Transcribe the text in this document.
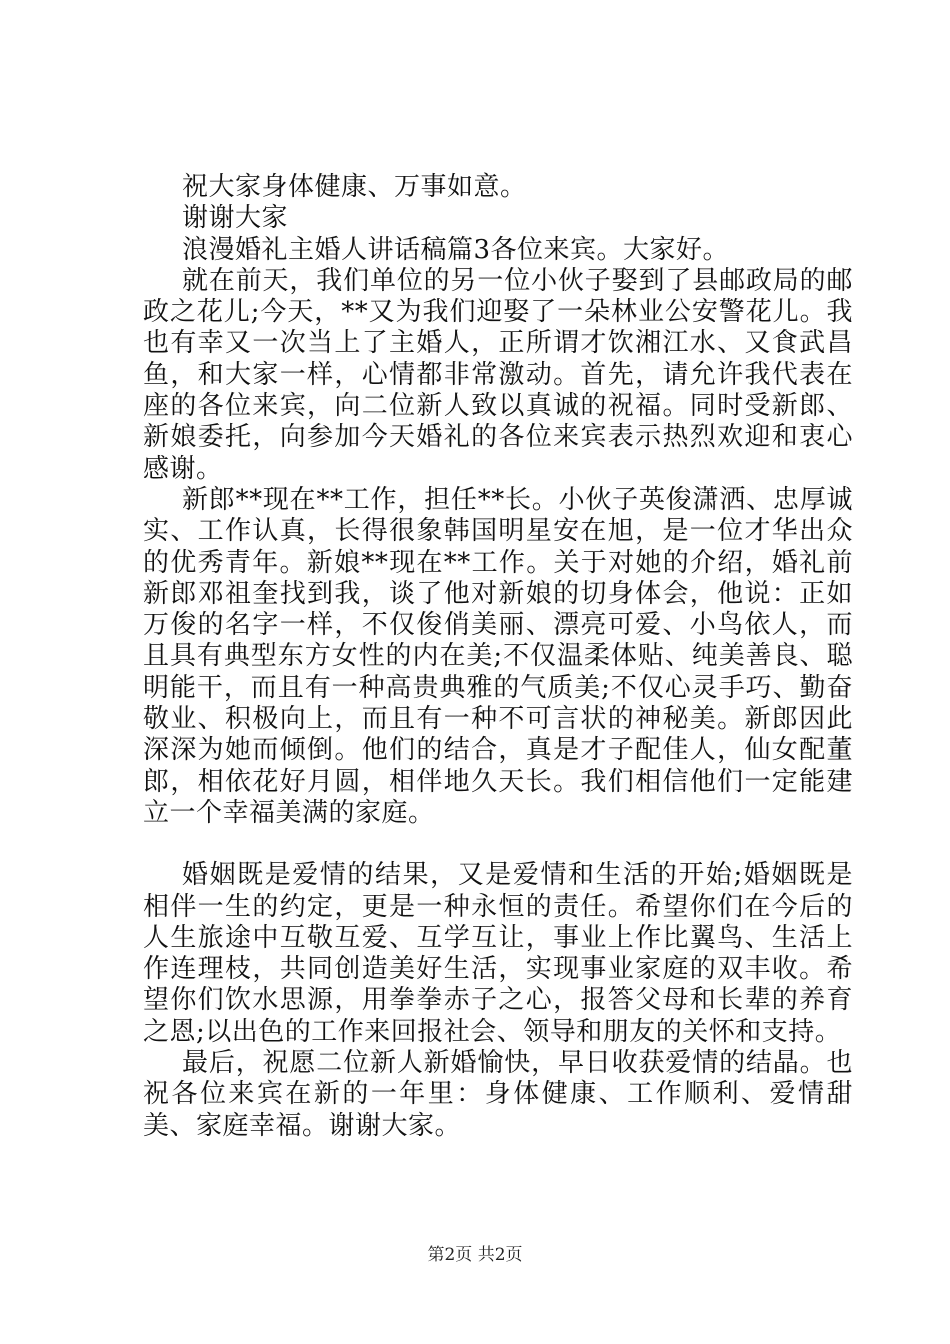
祝大家身体健康、万事如意。

谢谢大家

浪漫婚礼主婚人讲话稿篇3各位来宾。大家好。

就在前天，我们单位的另一位小伙子娶到了县邮政局的邮政之花儿;今天，**又为我们迎娶了一朵林业公安警花儿。我也有幸又一次当上了主婚人，正所谓才饮湘江水、又食武昌鱼，和大家一样，心情都非常激动。首先，请允许我代表在座的各位来宾，向二位新人致以真诚的祝福。同时受新郎、新娘委托，向参加今天婚礼的各位来宾表示热烈欢迎和衷心感谢。

新郎**现在**工作，担任**长。小伙子英俊潇洒、忠厚诚实、工作认真，长得很象韩国明星安在旭，是一位才华出众的优秀青年。新娘**现在**工作。关于对她的介绍，婚礼前新郎邓祖奎找到我，谈了他对新娘的切身体会，他说：正如万俊的名字一样，不仅俊俏美丽、漂亮可爱、小鸟依人，而且具有典型东方女性的内在美;不仅温柔体贴、纯美善良、聪明能干，而且有一种高贵典雅的气质美;不仅心灵手巧、勤奋敬业、积极向上，而且有一种不可言状的神秘美。新郎因此深深为她而倾倒。他们的结合，真是才子配佳人，仙女配董郎，相依花好月圆，相伴地久天长。我们相信他们一定能建立一个幸福美满的家庭。

婚姻既是爱情的结果，又是爱情和生活的开始;婚姻既是相伴一生的约定，更是一种永恒的责任。希望你们在今后的人生旅途中互敬互爱、互学互让，事业上作比翼鸟、生活上作连理枝，共同创造美好生活，实现事业家庭的双丰收。希望你们饮水思源，用拳拳赤子之心，报答父母和长辈的养育之恩;以出色的工作来回报社会、领导和朋友的关怀和支持。

最后，祝愿二位新人新婚愉快，早日收获爱情的结晶。也祝各位来宾在新的一年里：身体健康、工作顺利、爱情甜美、家庭幸福。谢谢大家。

第2页 共2页
